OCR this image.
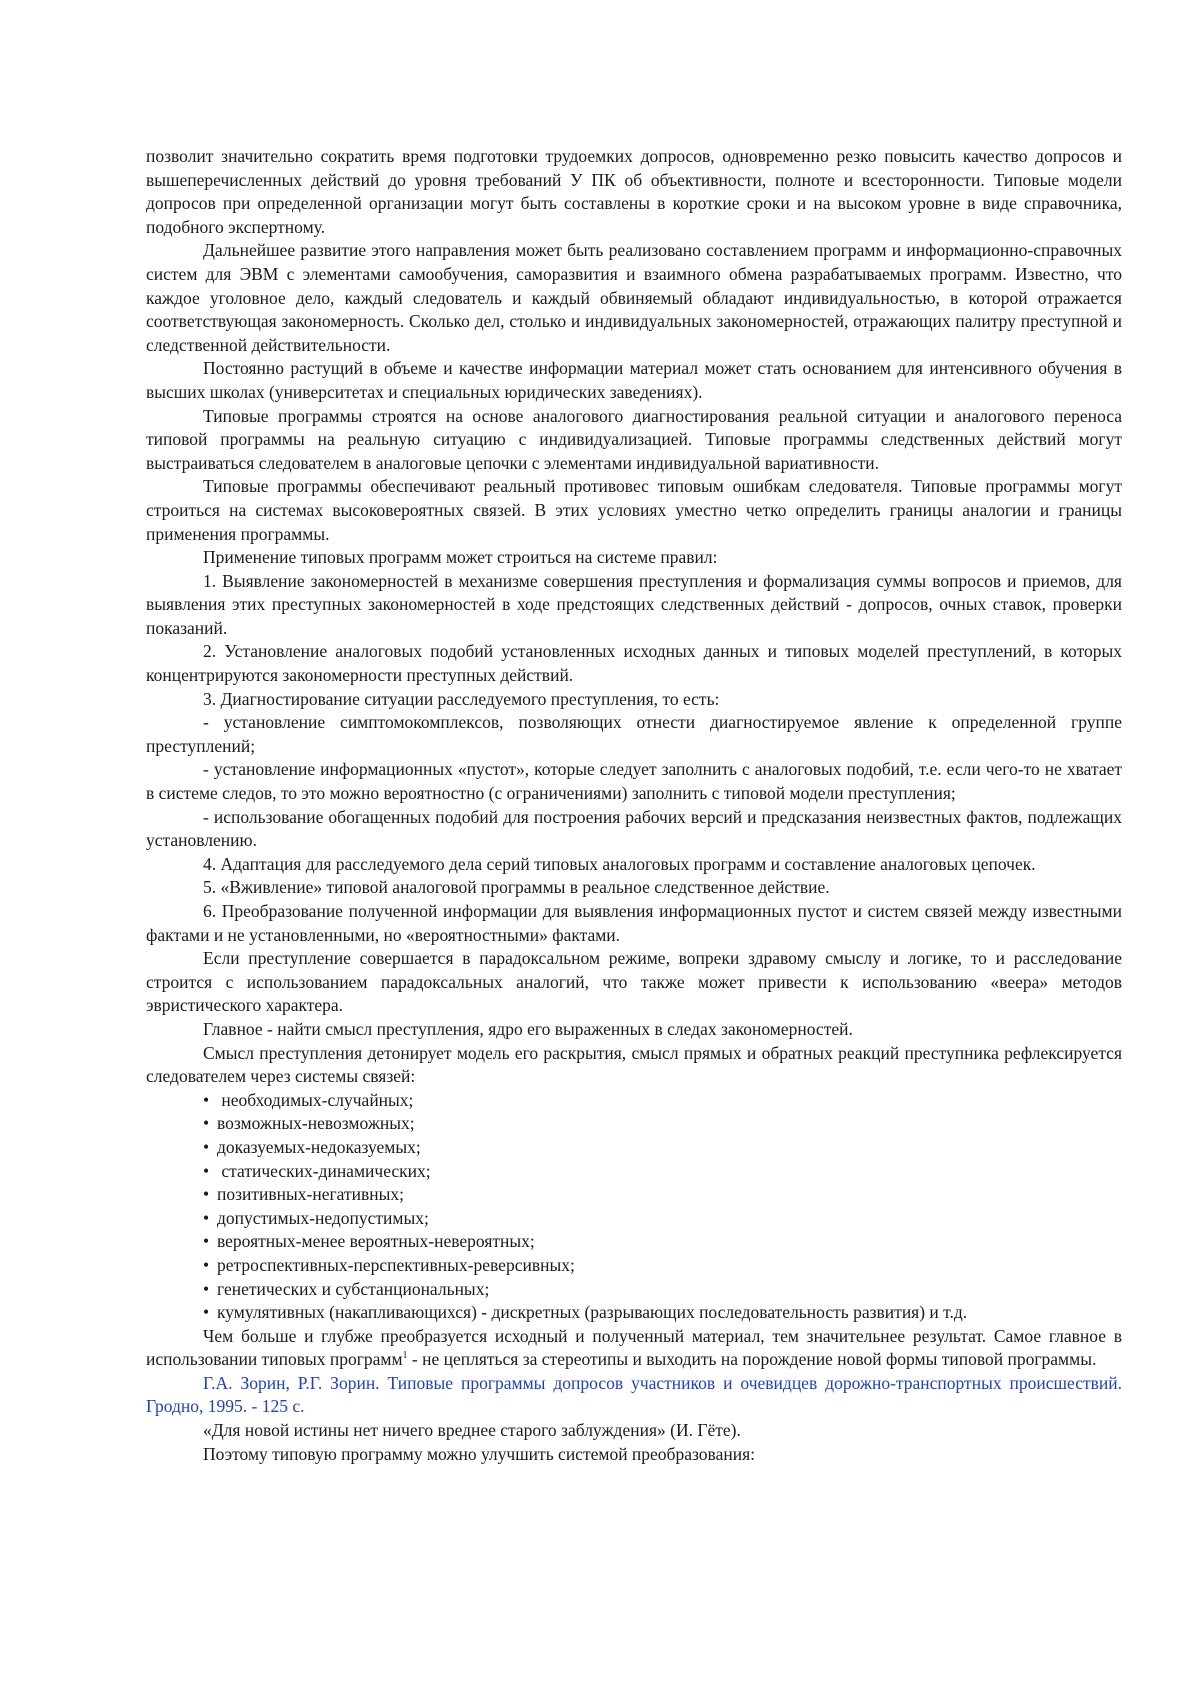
позволит значительно сократить время подготовки трудоемких допросов, одновременно резко повысить качество допросов и вышеперечисленных действий до уровня требований У ПК об объективности, полноте и всесторонности. Типовые модели допросов при определенной организации могут быть составлены в короткие сроки и на высоком уровне в виде справочника, подобного экспертному.

Дальнейшее развитие этого направления может быть реализовано составлением программ и информационно-справочных систем для ЭВМ с элементами самообучения, саморазвития и взаимного обмена разрабатываемых программ. Известно, что каждое уголовное дело, каждый следователь и каждый обвиняемый обладают индивидуальностью, в которой отражается соответствующая закономерность. Сколько дел, столько и индивидуальных закономерностей, отражающих палитру преступной и следственной действительности.

Постоянно растущий в объеме и качестве информации материал может стать основанием для интенсивного обучения в высших школах (университетах и специальных юридических заведениях).

Типовые программы строятся на основе аналогового диагностирования реальной ситуации и аналогового переноса типовой программы на реальную ситуацию с индивидуализацией. Типовые программы следственных действий могут выстраиваться следователем в аналоговые цепочки с элементами индивидуальной вариативности.

Типовые программы обеспечивают реальный противовес типовым ошибкам следователя. Типовые программы могут строиться на системах высоковероятных связей. В этих условиях уместно четко определить границы аналогии и границы применения программы.

Применение типовых программ может строиться на системе правил:

1. Выявление закономерностей в механизме совершения преступления и формализация суммы вопросов и приемов, для выявления этих преступных закономерностей в ходе предстоящих следственных действий - допросов, очных ставок, проверки показаний.

2. Установление аналоговых подобий установленных исходных данных и типовых моделей преступлений, в которых концентрируются закономерности преступных действий.

3. Диагностирование ситуации расследуемого преступления, то есть:

- установление симптомокомплексов, позволяющих отнести диагностируемое явление к определенной группе преступлений;

- установление информационных «пустот», которые следует заполнить с аналоговых подобий, т.е. если чего-то не хватает в системе следов, то это можно вероятностно (с ограничениями) заполнить с типовой модели преступления;

- использование обогащенных подобий для построения рабочих версий и предсказания неизвестных фактов, подлежащих установлению.

4. Адаптация для расследуемого дела серий типовых аналоговых программ и составление аналоговых цепочек.

5. «Вживление» типовой аналоговой программы в реальное следственное действие.

6. Преобразование полученной информации для выявления информационных пустот и систем связей между известными фактами и не установленными, но «вероятностными» фактами.

Если преступление совершается в парадоксальном режиме, вопреки здравому смыслу и логике, то и расследование строится с использованием парадоксальных аналогий, что также может привести к использованию «веера» методов эвристического характера.

Главное - найти смысл преступления, ядро его выраженных в следах закономерностей.

Смысл преступления детонирует модель его раскрытия, смысл прямых и обратных реакций преступника рефлексируется следователем через системы связей:

• необходимых-случайных;
• возможных-невозможных;
• доказуемых-недоказуемых;
• статических-динамических;
• позитивных-негативных;
• допустимых-недопустимых;
• вероятных-менее вероятных-невероятных;
• ретроспективных-перспективных-реверсивных;
• генетических и субстанциональных;
• кумулятивных (накапливающихся) - дискретных (разрывающих последовательность развития) и т.д.

Чем больше и глубже преобразуется исходный и полученный материал, тем значительнее результат. Самое главное в использовании типовых программ$^1$ - не цепляться за стереотипы и выходить на порождение новой формы типовой программы.

Г.А. Зорин, Р.Г. Зорин. Типовые программы допросов участников и очевидцев дорожно-транспортных происшествий. Гродно, 1995. - 125 с.

«Для новой истины нет ничего вреднее старого заблуждения» (И. Гёте).

Поэтому типовую программу можно улучшить системой преобразования:
